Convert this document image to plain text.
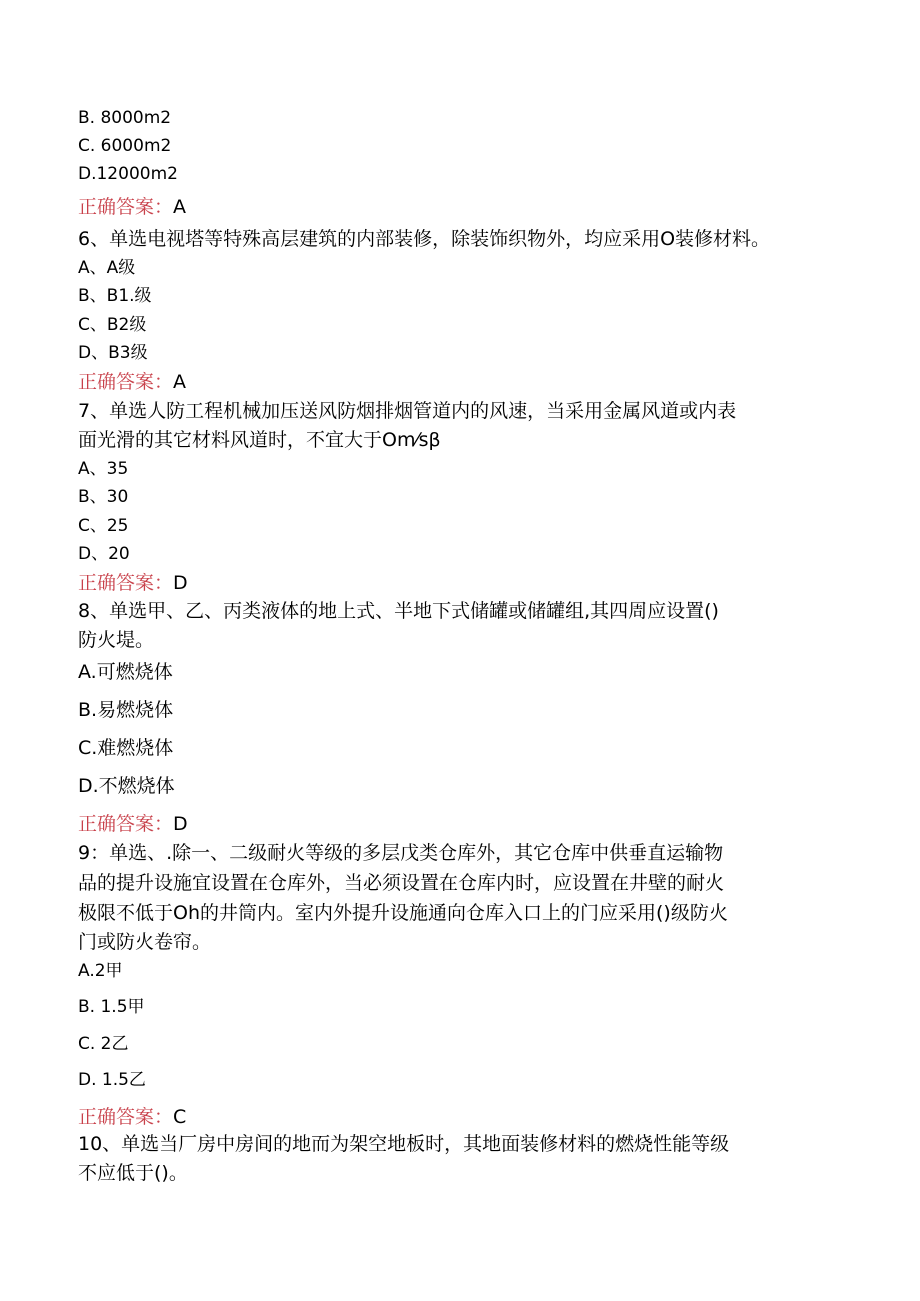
B. 8000m2
C. 6000m2
D.12000m2
正确答案：A
6、单选电视塔等特殊高层建筑的内部装修，除装饰织物外，均应采用O装修材料。
A、A级
B、B1.级
C、B2级
D、B3级
正确答案：A
7、单选人防工程机械加压送风防烟排烟管道内的风速，当采用金属风道或内表
面光滑的其它材料风道时，不宜大于Om⁄sβ
A、35
B、30
C、25
D、20
正确答案：D
8、单选甲、乙、丙类液体的地上式、半地下式储罐或储罐组,其四周应设置()
防火堤。
A.可燃烧体
B.易燃烧体
C.难燃烧体
D.不燃烧体
正确答案：D
9：单选、.除一、二级耐火等级的多层戊类仓库外，其它仓库中供垂直运输物
品的提升设施宜设置在仓库外，当必须设置在仓库内时，应设置在井壁的耐火
极限不低于Oh的井筒内。室内外提升设施通向仓库入口上的门应采用()级防火
门或防火卷帘。
A.2甲
B. 1.5甲
C. 2乙
D. 1.5乙
正确答案：C
10、单选当厂房中房间的地而为架空地板时，其地面装修材料的燃烧性能等级
不应低于()。
